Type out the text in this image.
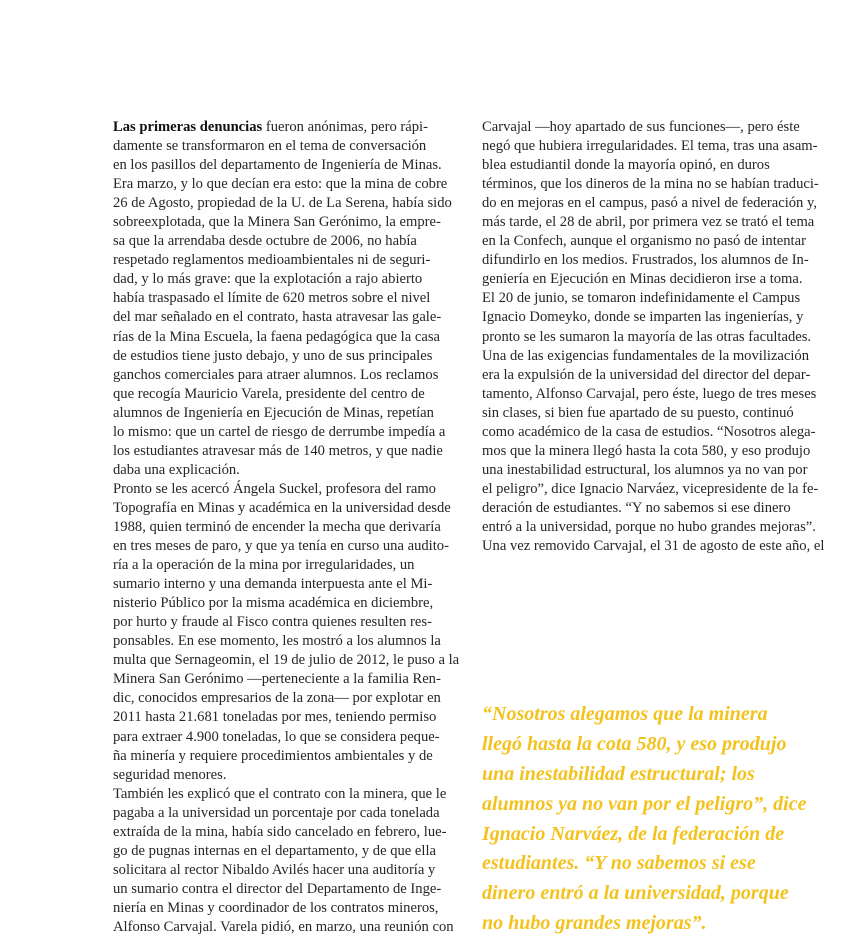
Las primeras denuncias fueron anónimas, pero rápi-
damente se transformaron en el tema de conversación
en los pasillos del departamento de Ingeniería de Minas.
Era marzo, y lo que decían era esto: que la mina de cobre
26 de Agosto, propiedad de la U. de La Serena, había sido
sobreexplotada, que la Minera San Gerónimo, la empre-
sa que la arrendaba desde octubre de 2006, no había
respetado reglamentos medioambientales ni de seguri-
dad, y lo más grave: que la explotación a rajo abierto
había traspasado el límite de 620 metros sobre el nivel
del mar señalado en el contrato, hasta atravesar las gale-
rías de la Mina Escuela, la faena pedagógica que la casa
de estudios tiene justo debajo, y uno de sus principales
ganchos comerciales para atraer alumnos. Los reclamos
que recogía Mauricio Varela, presidente del centro de
alumnos de Ingeniería en Ejecución de Minas, repetían
lo mismo: que un cartel de riesgo de derrumbe impedía a
los estudiantes atravesar más de 140 metros, y que nadie
daba una explicación.
Pronto se les acercó Ángela Suckel, profesora del ramo
Topografía en Minas y académica en la universidad desde
1988, quien terminó de encender la mecha que derivaría
en tres meses de paro, y que ya tenía en curso una audito-
ría a la operación de la mina por irregularidades, un
sumario interno y una demanda interpuesta ante el Mi-
nisterio Público por la misma académica en diciembre,
por hurto y fraude al Fisco contra quienes resulten res-
ponsables. En ese momento, les mostró a los alumnos la
multa que Sernageomin, el 19 de julio de 2012, le puso a la
Minera San Gerónimo —perteneciente a la familia Ren-
dic, conocidos empresarios de la zona— por explotar en
2011 hasta 21.681 toneladas por mes, teniendo permiso
para extraer 4.900 toneladas, lo que se considera peque-
ña minería y requiere procedimientos ambientales y de
seguridad menores.
También les explicó que el contrato con la minera, que le
pagaba a la universidad un porcentaje por cada tonelada
extraída de la mina, había sido cancelado en febrero, lue-
go de pugnas internas en el departamento, y de que ella
solicitara al rector Nibaldo Avilés hacer una auditoría y
un sumario contra el director del Departamento de Inge-
niería en Minas y coordinador de los contratos mineros,
Alfonso Carvajal. Varela pidió, en marzo, una reunión con
Carvajal —hoy apartado de sus funciones—, pero éste
negó que hubiera irregularidades. El tema, tras una asam-
blea estudiantil donde la mayoría opinó, en duros
términos, que los dineros de la mina no se habían traduci-
do en mejoras en el campus, pasó a nivel de federación y,
más tarde, el 28 de abril, por primera vez se trató el tema
en la Confech, aunque el organismo no pasó de intentar
difundirlo en los medios. Frustrados, los alumnos de In-
geniería en Ejecución en Minas decidieron irse a toma.
El 20 de junio, se tomaron indefinidamente el Campus
Ignacio Domeyko, donde se imparten las ingenierías, y
pronto se les sumaron la mayoría de las otras facultades.
Una de las exigencias fundamentales de la movilización
era la expulsión de la universidad del director del depar-
tamento, Alfonso Carvajal, pero éste, luego de tres meses
sin clases, si bien fue apartado de su puesto, continuó
como académico de la casa de estudios. “Nosotros alega-
mos que la minera llegó hasta la cota 580, y eso produjo
una inestabilidad estructural, los alumnos ya no van por
el peligro”, dice Ignacio Narváez, vicepresidente de la fe-
deración de estudiantes. “Y no sabemos si ese dinero
entró a la universidad, porque no hubo grandes mejoras”.
Una vez removido Carvajal, el 31 de agosto de este año, el
“Nosotros alegamos que la minera
llegó hasta la cota 580, y eso produjo
una inestabilidad estructural; los
alumnos ya no van por el peligro”, dice
Ignacio Narváez, de la federación de
estudiantes. “Y no sabemos si ese
dinero entró a la universidad, porque
no hubo grandes mejoras”.
